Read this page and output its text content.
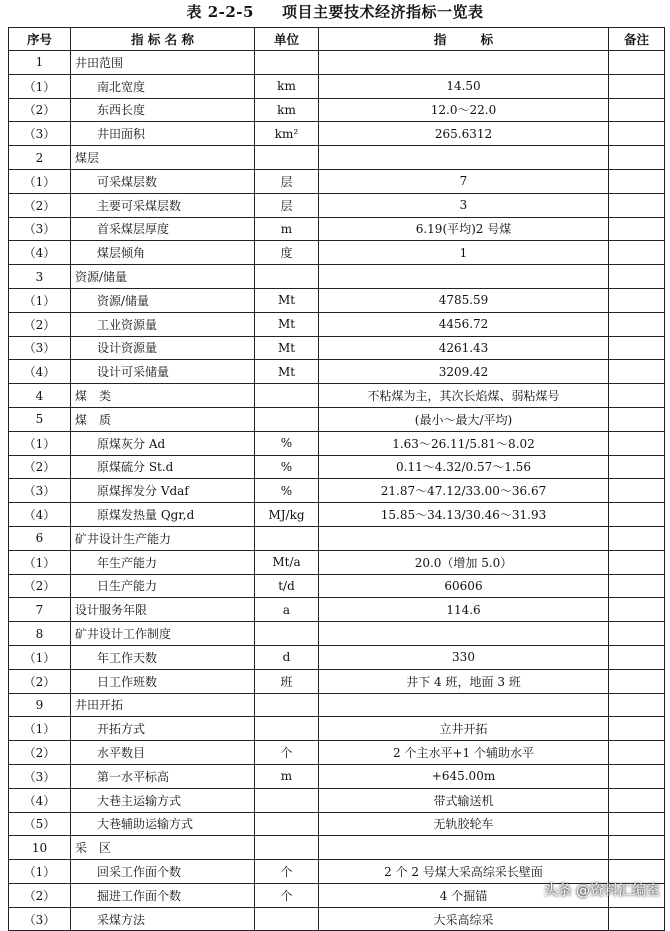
表 2-2-5 项目主要技术经济指标一览表
序号	指 标 名 称	单位	指 标	备注
1	井田范围			
（1）	南北宽度	km	14.50	
（2）	东西长度	km	12.0～22.0	
（3）	井田面积	km²	265.6312	
2	煤层			
（1）	可采煤层数	层	7	
（2）	主要可采煤层数	层	3	
（3）	首采煤层厚度	m	6.19(平均)2 号煤	
（4）	煤层倾角	度	1	
3	资源/储量			
（1）	资源/储量	Mt	4785.59	
（2）	工业资源量	Mt	4456.72	
（3）	设计资源量	Mt	4261.43	
（4）	设计可采储量	Mt	3209.42	
4	煤　类		不粘煤为主，其次长焰煤、弱粘煤号	
5	煤　质		(最小～最大/平均)	
（1）	原煤灰分 Ad	%	1.63～26.11/5.81～8.02	
（2）	原煤硫分 St.d	%	0.11～4.32/0.57～1.56	
（3）	原煤挥发分 Vdaf	%	21.87～47.12/33.00～36.67	
（4）	原煤发热量 Qgr,d	MJ/kg	15.85～34.13/30.46～31.93	
6	矿井设计生产能力			
（1）	年生产能力	Mt/a	20.0（增加 5.0）	
（2）	日生产能力	t/d	60606	
7	设计服务年限	a	114.6	
8	矿井设计工作制度			
（1）	年工作天数	d	330	
（2）	日工作班数	班	井下 4 班，地面 3 班	
9	井田开拓			
（1）	开拓方式		立井开拓	
（2）	水平数目	个	2 个主水平+1 个辅助水平	
（3）	第一水平标高	m	+645.00m	
（4）	大巷主运输方式		带式输送机	
（5）	大巷辅助运输方式		无轨胶轮车	
10	采　区			
（1）	回采工作面个数	个	2 个 2 号煤大采高综采长壁面	
（2）	掘进工作面个数	个	4 个掘锚	
（3）	采煤方法		大采高综采	
头条 @资料汇编室
